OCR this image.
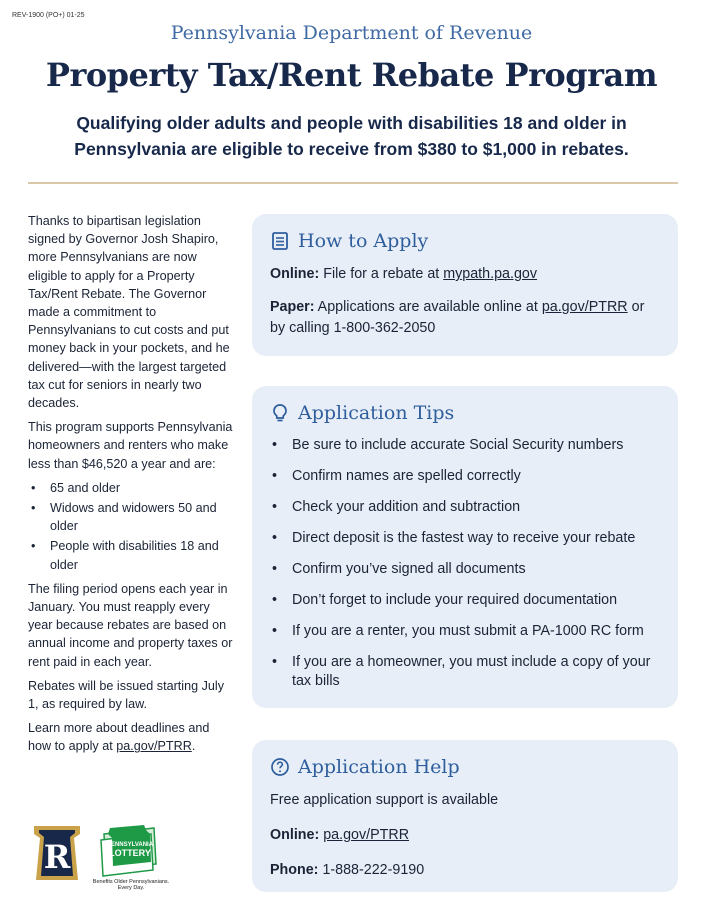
REV-1900 (PO+) 01-25
Pennsylvania Department of Revenue
Property Tax/Rent Rebate Program
Qualifying older adults and people with disabilities 18 and older in Pennsylvania are eligible to receive from $380 to $1,000 in rebates.

Thanks to bipartisan legislation signed by Governor Josh Shapiro, more Pennsylvanians are now eligible to apply for a Property Tax/Rent Rebate. The Governor made a commitment to Pennsylvanians to cut costs and put money back in your pockets, and he delivered—with the largest targeted tax cut for seniors in nearly two decades.

This program supports Pennsylvania homeowners and renters who make less than $46,520 a year and are:

• 65 and older
• Widows and widowers 50 and older
• People with disabilities 18 and older

The filing period opens each year in January. You must reapply every year because rebates are based on annual income and property taxes or rent paid in each year.

Rebates will be issued starting July 1, as required by law.

Learn more about deadlines and how to apply at pa.gov/PTRR.

How to Apply
Online: File for a rebate at mypath.pa.gov
Paper: Applications are available online at pa.gov/PTRR or by calling 1-800-362-2050
Application Tips
• Be sure to include accurate Social Security numbers
• Confirm names are spelled correctly
• Check your addition and subtraction
• Direct deposit is the fastest way to receive your rebate
• Confirm you’ve signed all documents
• Don’t forget to include your required documentation
• If you are a renter, you must submit a PA-1000 RC form
• If you are a homeowner, you must include a copy of your tax bills
Application Help
Free application support is available
Online: pa.gov/PTRR
Phone: 1-888-222-9190
R	PENNSYLVANIA
LOTTERY
Benefits Older Pennsylvanians. Every Day.
